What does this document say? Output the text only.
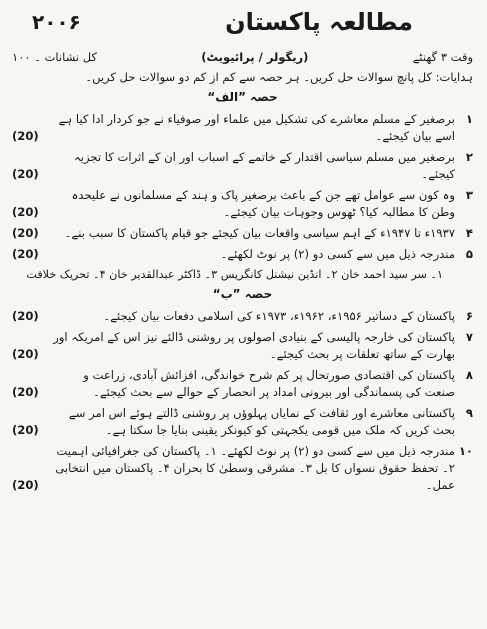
مطالعہ پاکستان
۲۰۰۶
وقت ۳ گھنٹے
(ریگولر / پرائیویٹ)
کل نشانات ۔ ۱۰۰
ہدایات: کل پانچ سوالات حل کریں۔ ہر حصہ سے کم از کم دو سوالات حل کریں۔
حصہ ”الف“
۱
برصغیر کے مسلم معاشرے کی تشکیل میں علماء اور صوفیاء نے جو کردار ادا کیا ہے اسے بیان کیجئے۔
(20)
۲
برصغیر میں مسلم سیاسی اقتدار کے خاتمے کے اسباب اور ان کے اثرات کا تجزیہ کیجئے۔
(20)
۳
وہ کون سے عوامل تھے جن کے باعث برصغیر پاک و ہند کے مسلمانوں نے علیحدہ وطن کا مطالبہ کیا؟ ٹھوس وجوہات بیان کیجئے۔
(20)
۴
۱۹۳۷ء تا ۱۹۴۷ء کے اہم سیاسی واقعات بیان کیجئے جو قیام پاکستان کا سبب بنے۔
(20)
۵
مندرجہ ذیل میں سے کسی دو (۲) پر نوٹ لکھئے۔
(20)
۱۔ سر سید احمد خان ۲۔ انڈین نیشنل کانگریس ۳۔ ڈاکٹر عبدالقدیر خان ۴۔ تحریک خلافت
حصہ ”ب“
۶
پاکستان کے دساتیر ۱۹۵۶ء، ۱۹۶۲ء، ۱۹۷۳ء کی اسلامی دفعات بیان کیجئے۔
(20)
۷
پاکستان کی خارجہ پالیسی کے بنیادی اصولوں پر روشنی ڈالئے نیز اس کے امریکہ اور بھارت کے ساتھ تعلقات پر بحث کیجئے۔
(20)
۸
پاکستان کی اقتصادی صورتحال پر کم شرح خواندگی، افزائش آبادی، زراعت و صنعت کی پسماندگی اور بیرونی امداد پر انحصار کے حوالے سے بحث کیجئے۔
(20)
۹
پاکستانی معاشرے اور ثقافت کے نمایاں پہلوؤں پر روشنی ڈالتے ہوئے اس امر سے بحث کریں کہ ملک میں قومی یکجہتی کو کیونکر یقینی بنایا جا سکتا ہے۔
(20)
۱۰
مندرجہ ذیل میں سے کسی دو (۲) پر نوٹ لکھئے۔ ۱۔ پاکستان کی جغرافیائی اہمیت ۲۔ تحفظ حقوق نسواں کا بل ۳۔ مشرقی وسطیٰ کا بحران ۴۔ پاکستان میں انتخابی عمل۔
(20)
